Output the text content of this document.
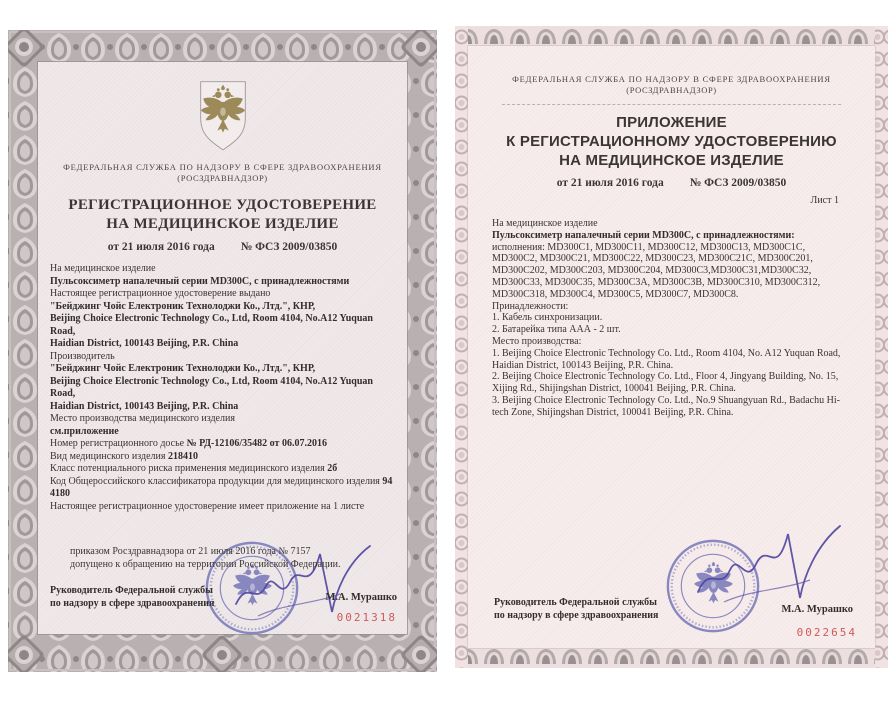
ФЕДЕРАЛЬНАЯ СЛУЖБА ПО НАДЗОРУ В СФЕРЕ ЗДРАВООХРАНЕНИЯ
(РОСЗДРАВНАДЗОР)
РЕГИСТРАЦИОННОЕ УДОСТОВЕРЕНИЕ
НА МЕДИЦИНСКОЕ ИЗДЕЛИЕ
от 21 июля 2016 года № ФСЗ 2009/03850

На медицинское изделие

Пульсоксиметр напалечный серии MD300C, с принадлежностями

Настоящее регистрационное удостоверение выдано

"Бейджинг Чойс Електроник Технолоджи Ко., Лтд.", КНР,

Beijing Choice Electronic Technology Co., Ltd, Room 4104, No.A12 Yuquan Road,

Haidian District, 100143 Beijing, P.R. China

Производитель

"Бейджинг Чойс Електроник Технолоджи Ко., Лтд.", КНР,

Beijing Choice Electronic Technology Co., Ltd, Room 4104, No.A12 Yuquan Road,

Haidian District, 100143 Beijing, P.R. China

Место производства медицинского изделия

см.приложение

Номер регистрационного досье № РД-12106/35482 от 06.07.2016

Вид медицинского изделия 218410

Класс потенциального риска применения медицинского изделия 2б

Код Общероссийского классификатора продукции для медицинского изделия 94 4180

Настоящее регистрационное удостоверение имеет приложение на 1 листе

приказом Росздравнадзора от 21 июля 2016 года № 7157

допущено к обращению на территории Российской Федерации.

Руководитель Федеральной службы
по надзору в сфере здравоохранения
М.А. Мурашко
0021318
ФЕДЕРАЛЬНАЯ СЛУЖБА ПО НАДЗОРУ В СФЕРЕ ЗДРАВООХРАНЕНИЯ
(РОСЗДРАВНАДЗОР)
ПРИЛОЖЕНИЕ
К РЕГИСТРАЦИОННОМУ УДОСТОВЕРЕНИЮ
НА МЕДИЦИНСКОЕ ИЗДЕЛИЕ
от 21 июля 2016 года № ФСЗ 2009/03850
Лист 1

На медицинское изделие

Пульсоксиметр напалечный серии MD300C, с принадлежностями:

исполнения: MD300C1, MD300C11, MD300C12, MD300C13, MD300C1C, MD300C2, MD300C21, MD300C22, MD300C23, MD300C21C, MD300C201, MD300C202, MD300C203, MD300C204, MD300C3,MD300C31,MD300C32, MD300C33, MD300C35, MD300C3A, MD300C3B, MD300C310, MD300C312, MD300C318, MD300C4, MD300C5, MD300C7, MD300C8.

Принадлежности:

1. Кабель синхронизации.

2. Батарейка типа ААА - 2 шт.

Место производства:

1. Beijing Choice Electronic Technology Co. Ltd., Room 4104, No. A12 Yuquan Road, Haidian District, 100143 Beijing, P.R. China.

2. Beijing Choice Electronic Technology Co. Ltd., Floor 4, Jingyang Building, No. 15, Xijing Rd., Shijingshan District, 100041 Beijing, P.R. China.

3. Beijing Choice Electronic Technology Co. Ltd., No.9 Shuangyuan Rd., Badachu Hi-tech Zone, Shijingshan District, 100041 Beijing, P.R. China.

Руководитель Федеральной службы
по надзору в сфере здравоохранения
М.А. Мурашко
0022654
